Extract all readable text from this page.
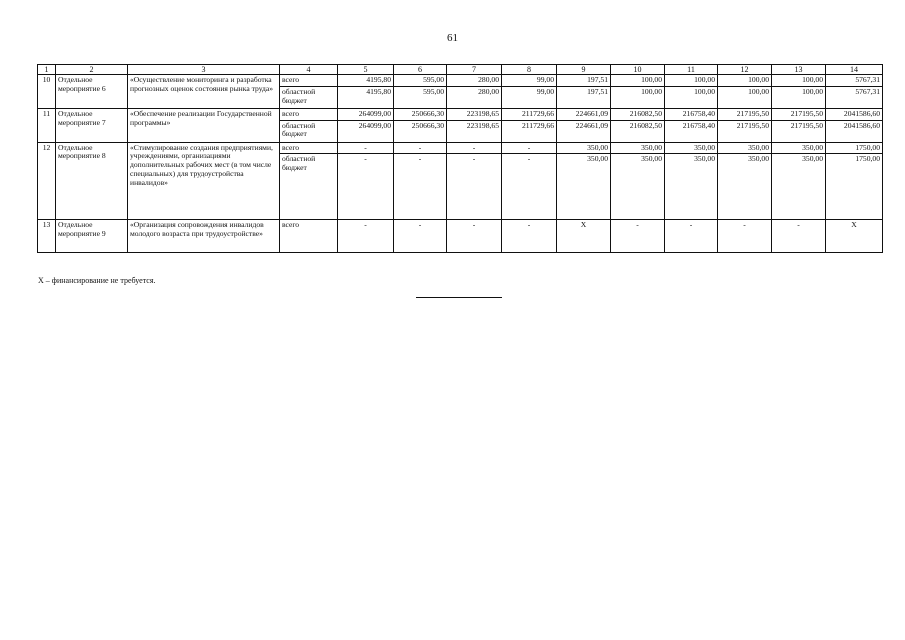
61
1	2	3	4	5	6	7	8	9	10	11	12	13	14
10	Отдельное мероприятие 6	«Осуществление мониторинга и разработка прогнозных оценок состояния рынка труда»	всего	4195,80	595,00	280,00	99,00	197,51	100,00	100,00	100,00	100,00	5767,31
			областной бюджет	4195,80	595,00	280,00	99,00	197,51	100,00	100,00	100,00	100,00	5767,31
11	Отдельное мероприятие 7	«Обеспечение реализации Государственной программы»	всего	264099,00	250666,30	223198,65	211729,66	224661,09	216082,50	216758,40	217195,50	217195,50	2041586,60
			областной бюджет	264099,00	250666,30	223198,65	211729,66	224661,09	216082,50	216758,40	217195,50	217195,50	2041586,60
12	Отдельное мероприятие 8	«Стимулирование создания предприятиями, учреждениями, организациями дополнительных рабочих мест (в том числе специальных) для трудоустройства инвалидов»	всего	-	-	-	-	350,00	350,00	350,00	350,00	350,00	1750,00
			областной бюджет	-	-	-	-	350,00	350,00	350,00	350,00	350,00	1750,00
13	Отдельное мероприятие 9	«Организация сопровождения инвалидов молодого возраста при трудоустройстве»	всего	-	-	-	-	Х	-	-	-	-	Х
Х – финансирование не требуется.
